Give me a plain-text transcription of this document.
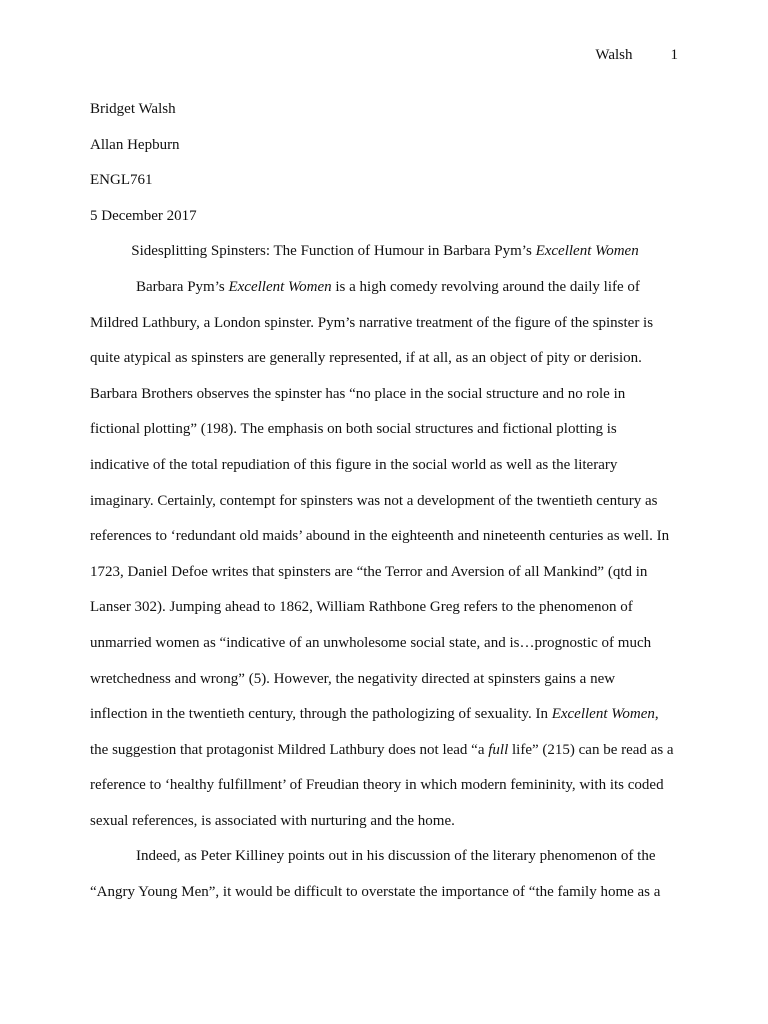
Walsh	1

Bridget Walsh

Allan Hepburn

ENGL761

5 December 2017

Sidesplitting Spinsters: The Function of Humour in Barbara Pym’s Excellent Women

Barbara Pym’s Excellent Women is a high comedy revolving around the daily life of
Mildred Lathbury, a London spinster. Pym’s narrative treatment of the figure of the spinster is
quite atypical as spinsters are generally represented, if at all, as an object of pity or derision.
Barbara Brothers observes the spinster has “no place in the social structure and no role in
fictional plotting” (198). The emphasis on both social structures and fictional plotting is
indicative of the total repudiation of this figure in the social world as well as the literary
imaginary. Certainly, contempt for spinsters was not a development of the twentieth century as
references to ‘redundant old maids’ abound in the eighteenth and nineteenth centuries as well. In
1723, Daniel Defoe writes that spinsters are “the Terror and Aversion of all Mankind” (qtd in
Lanser 302). Jumping ahead to 1862, William Rathbone Greg refers to the phenomenon of
unmarried women as “indicative of an unwholesome social state, and is…prognostic of much
wretchedness and wrong” (5). However, the negativity directed at spinsters gains a new
inflection in the twentieth century, through the pathologizing of sexuality. In Excellent Women,
the suggestion that protagonist Mildred Lathbury does not lead “a full life” (215) can be read as a
reference to ‘healthy fulfillment’ of Freudian theory in which modern femininity, with its coded
sexual references, is associated with nurturing and the home.

Indeed, as Peter Killiney points out in his discussion of the literary phenomenon of the
“Angry Young Men”, it would be difficult to overstate the importance of “the family home as a
